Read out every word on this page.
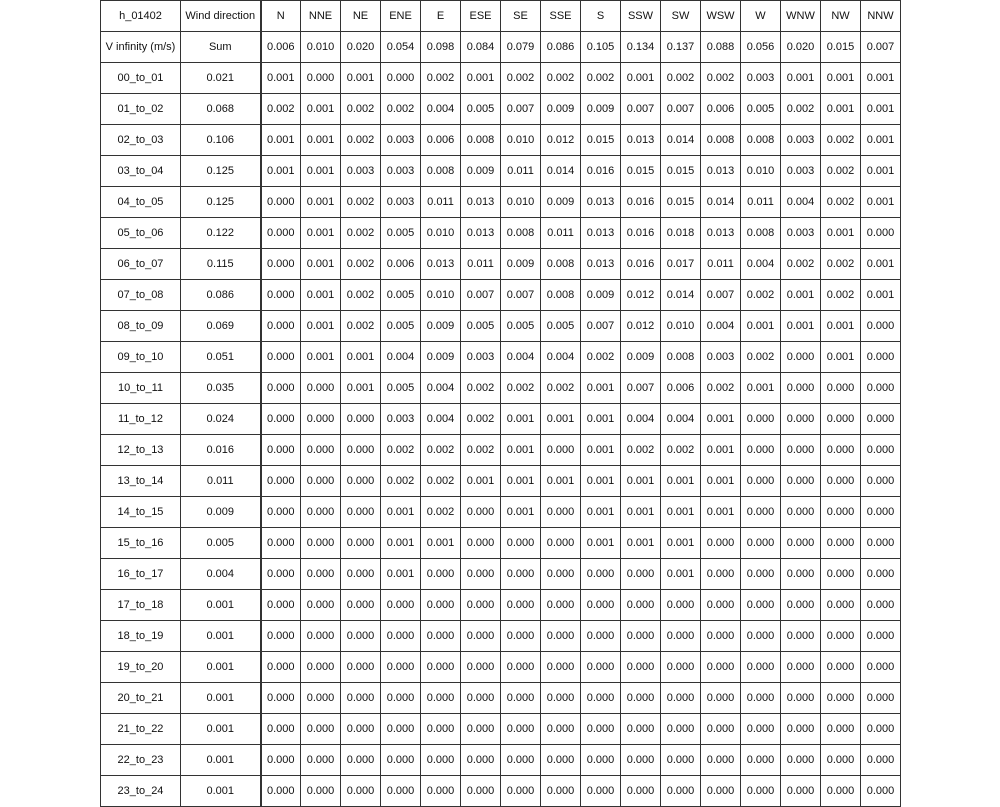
h_01402	Wind direction	N	NNE	NE	ENE	E	ESE	SE	SSE	S	SSW	SW	WSW	W	WNW	NW	NNW
V infinity (m/s)	Sum	0.006	0.010	0.020	0.054	0.098	0.084	0.079	0.086	0.105	0.134	0.137	0.088	0.056	0.020	0.015	0.007
00_to_01	0.021	0.001	0.000	0.001	0.000	0.002	0.001	0.002	0.002	0.002	0.001	0.002	0.002	0.003	0.001	0.001	0.001
01_to_02	0.068	0.002	0.001	0.002	0.002	0.004	0.005	0.007	0.009	0.009	0.007	0.007	0.006	0.005	0.002	0.001	0.001
02_to_03	0.106	0.001	0.001	0.002	0.003	0.006	0.008	0.010	0.012	0.015	0.013	0.014	0.008	0.008	0.003	0.002	0.001
03_to_04	0.125	0.001	0.001	0.003	0.003	0.008	0.009	0.011	0.014	0.016	0.015	0.015	0.013	0.010	0.003	0.002	0.001
04_to_05	0.125	0.000	0.001	0.002	0.003	0.011	0.013	0.010	0.009	0.013	0.016	0.015	0.014	0.011	0.004	0.002	0.001
05_to_06	0.122	0.000	0.001	0.002	0.005	0.010	0.013	0.008	0.011	0.013	0.016	0.018	0.013	0.008	0.003	0.001	0.000
06_to_07	0.115	0.000	0.001	0.002	0.006	0.013	0.011	0.009	0.008	0.013	0.016	0.017	0.011	0.004	0.002	0.002	0.001
07_to_08	0.086	0.000	0.001	0.002	0.005	0.010	0.007	0.007	0.008	0.009	0.012	0.014	0.007	0.002	0.001	0.002	0.001
08_to_09	0.069	0.000	0.001	0.002	0.005	0.009	0.005	0.005	0.005	0.007	0.012	0.010	0.004	0.001	0.001	0.001	0.000
09_to_10	0.051	0.000	0.001	0.001	0.004	0.009	0.003	0.004	0.004	0.002	0.009	0.008	0.003	0.002	0.000	0.001	0.000
10_to_11	0.035	0.000	0.000	0.001	0.005	0.004	0.002	0.002	0.002	0.001	0.007	0.006	0.002	0.001	0.000	0.000	0.000
11_to_12	0.024	0.000	0.000	0.000	0.003	0.004	0.002	0.001	0.001	0.001	0.004	0.004	0.001	0.000	0.000	0.000	0.000
12_to_13	0.016	0.000	0.000	0.000	0.002	0.002	0.002	0.001	0.000	0.001	0.002	0.002	0.001	0.000	0.000	0.000	0.000
13_to_14	0.011	0.000	0.000	0.000	0.002	0.002	0.001	0.001	0.001	0.001	0.001	0.001	0.001	0.000	0.000	0.000	0.000
14_to_15	0.009	0.000	0.000	0.000	0.001	0.002	0.000	0.001	0.000	0.001	0.001	0.001	0.001	0.000	0.000	0.000	0.000
15_to_16	0.005	0.000	0.000	0.000	0.001	0.001	0.000	0.000	0.000	0.001	0.001	0.001	0.000	0.000	0.000	0.000	0.000
16_to_17	0.004	0.000	0.000	0.000	0.001	0.000	0.000	0.000	0.000	0.000	0.000	0.001	0.000	0.000	0.000	0.000	0.000
17_to_18	0.001	0.000	0.000	0.000	0.000	0.000	0.000	0.000	0.000	0.000	0.000	0.000	0.000	0.000	0.000	0.000	0.000
18_to_19	0.001	0.000	0.000	0.000	0.000	0.000	0.000	0.000	0.000	0.000	0.000	0.000	0.000	0.000	0.000	0.000	0.000
19_to_20	0.001	0.000	0.000	0.000	0.000	0.000	0.000	0.000	0.000	0.000	0.000	0.000	0.000	0.000	0.000	0.000	0.000
20_to_21	0.001	0.000	0.000	0.000	0.000	0.000	0.000	0.000	0.000	0.000	0.000	0.000	0.000	0.000	0.000	0.000	0.000
21_to_22	0.001	0.000	0.000	0.000	0.000	0.000	0.000	0.000	0.000	0.000	0.000	0.000	0.000	0.000	0.000	0.000	0.000
22_to_23	0.001	0.000	0.000	0.000	0.000	0.000	0.000	0.000	0.000	0.000	0.000	0.000	0.000	0.000	0.000	0.000	0.000
23_to_24	0.001	0.000	0.000	0.000	0.000	0.000	0.000	0.000	0.000	0.000	0.000	0.000	0.000	0.000	0.000	0.000	0.000
